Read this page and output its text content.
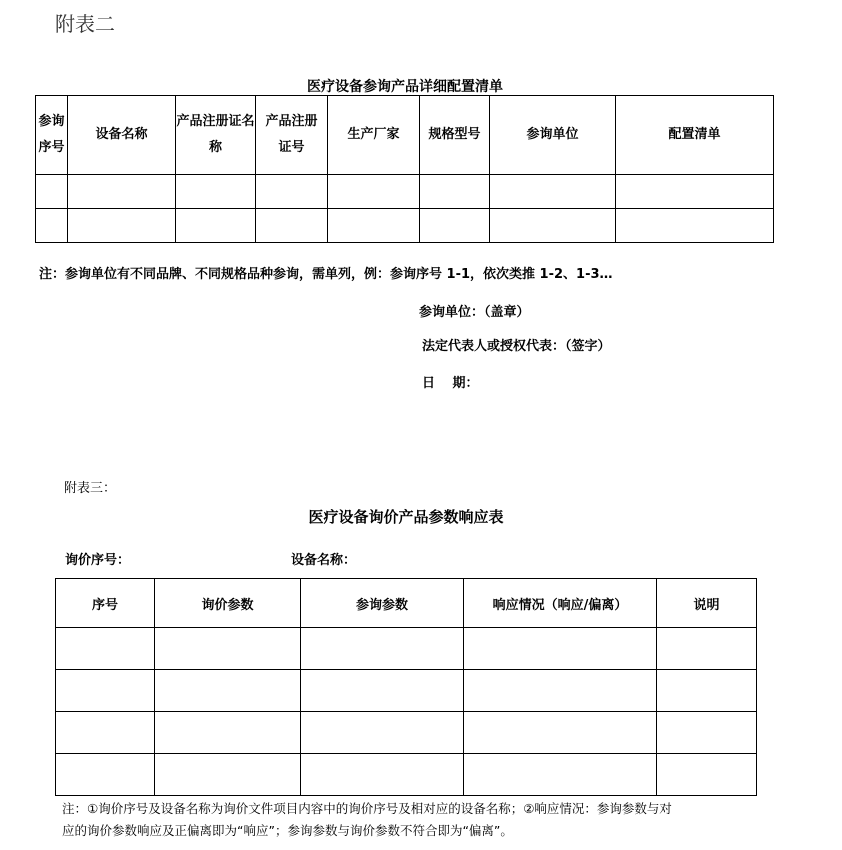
附表二
医疗设备参询产品详细配置清单
参询序号	设备名称	产品注册证名称	产品注册证号	生产厂家	规格型号	参询单位	配置清单

注：参询单位有不同品牌、不同规格品种参询，需单列，例：参询序号 1-1，依次类推 1-2、1-3…
参询单位：（盖章）
法定代表人或授权代表：（签字）
日　 期：
附表三：
医疗设备询价产品参数响应表
询价序号：	设备名称：
序号	询价参数	参询参数	响应情况（响应/偏离）	说明

注：①询价序号及设备名称为询价文件项目内容中的询价序号及相对应的设备名称；②响应情况：参询参数与对
应的询价参数响应及正偏离即为“响应”；参询参数与询价参数不符合即为“偏离”。
